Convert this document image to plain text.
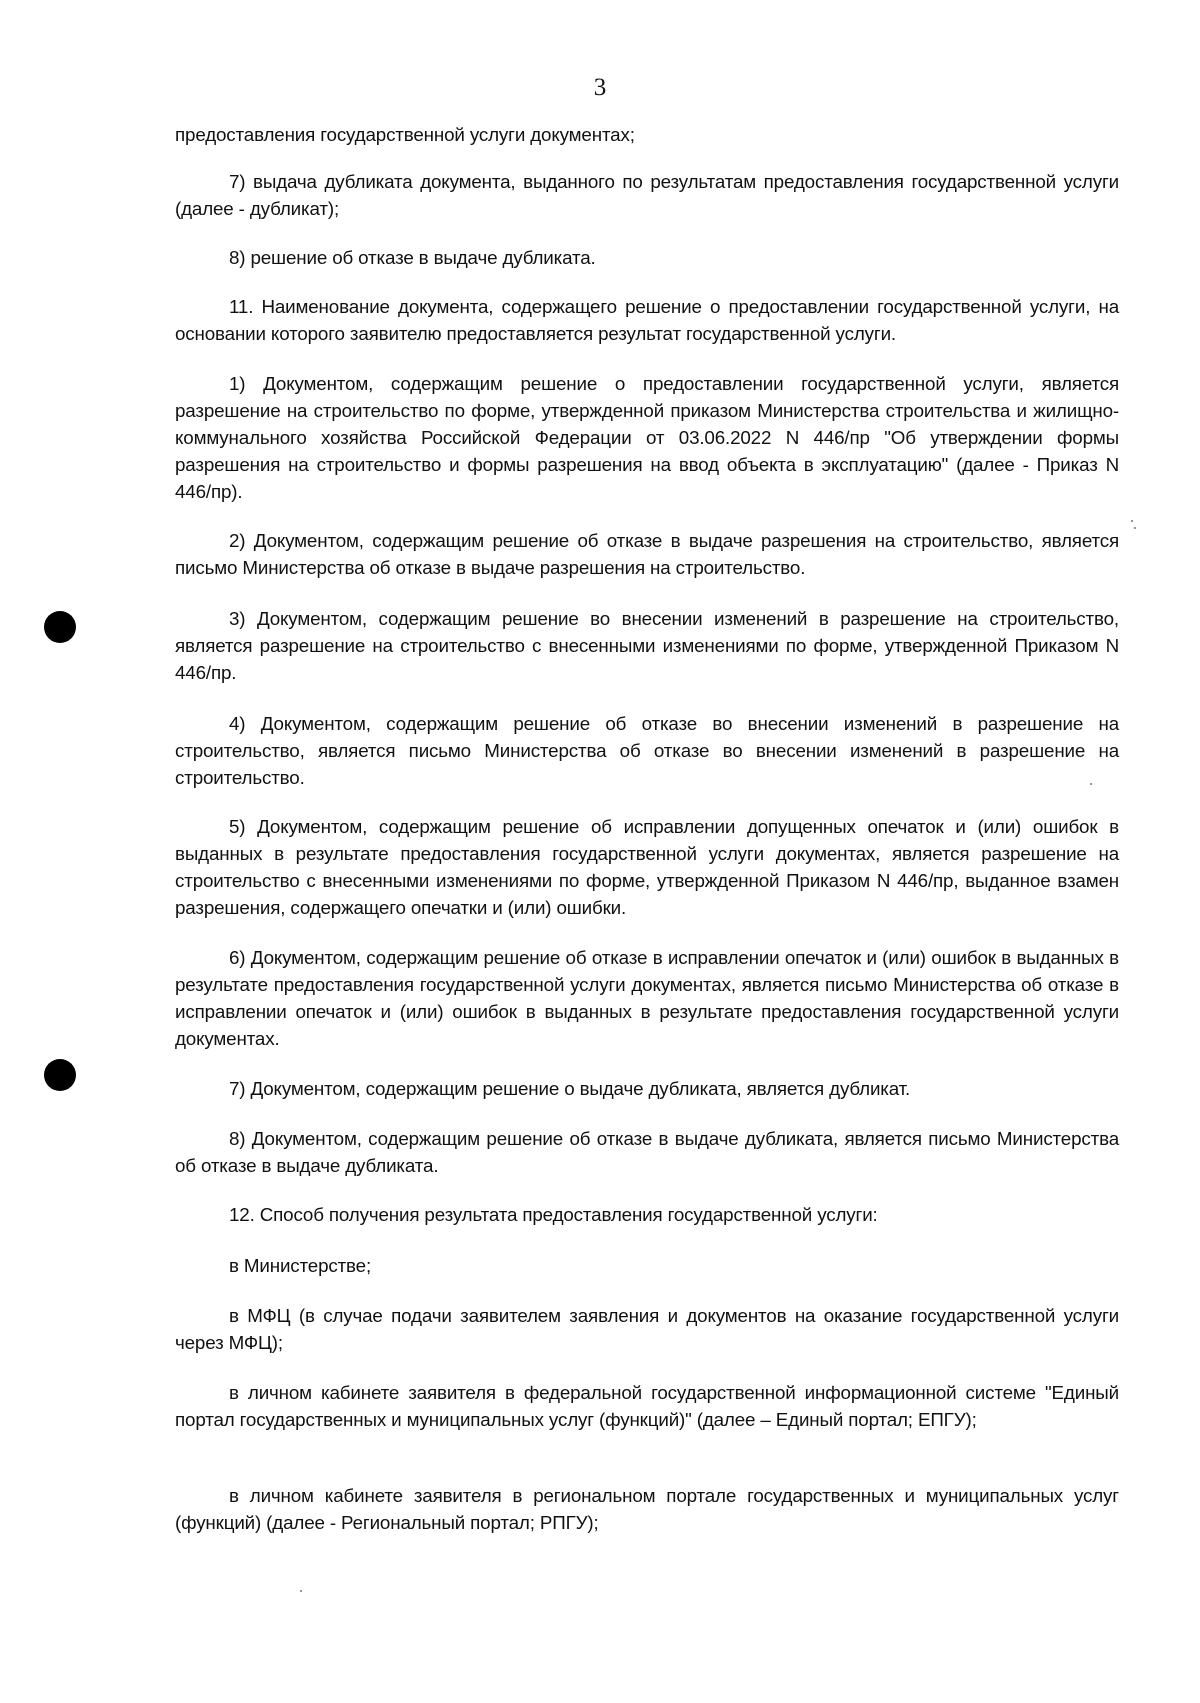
3

предоставления государственной услуги документах;

7) выдача дубликата документа, выданного по результатам предоставления государственной услуги (далее - дубликат);

8) решение об отказе в выдаче дубликата.

11. Наименование документа, содержащего решение о предоставлении государственной услуги, на основании которого заявителю предоставляется результат государственной услуги.

1) Документом, содержащим решение о предоставлении государственной услуги, является разрешение на строительство по форме, утвержденной приказом Министерства строительства и жилищно-коммунального хозяйства Российской Федерации от 03.06.2022 N 446/пр "Об утверждении формы разрешения на строительство и формы разрешения на ввод объекта в эксплуатацию" (далее - Приказ N 446/пр).

2) Документом, содержащим решение об отказе в выдаче разрешения на строительство, является письмо Министерства об отказе в выдаче разрешения на строительство.

3) Документом, содержащим решение во внесении изменений в разрешение на строительство, является разрешение на строительство с внесенными изменениями по форме, утвержденной Приказом N 446/пр.

4) Документом, содержащим решение об отказе во внесении изменений в разрешение на строительство, является письмо Министерства об отказе во внесении изменений в разрешение на строительство.

5) Документом, содержащим решение об исправлении допущенных опечаток и (или) ошибок в выданных в результате предоставления государственной услуги документах, является разрешение на строительство с внесенными изменениями по форме, утвержденной Приказом N 446/пр, выданное взамен разрешения, содержащего опечатки и (или) ошибки.

6) Документом, содержащим решение об отказе в исправлении опечаток и (или) ошибок в выданных в результате предоставления государственной услуги документах, является письмо Министерства об отказе в исправлении опечаток и (или) ошибок в выданных в результате предоставления государственной услуги документах.

7) Документом, содержащим решение о выдаче дубликата, является дубликат.

8) Документом, содержащим решение об отказе в выдаче дубликата, является письмо Министерства об отказе в выдаче дубликата.

12. Способ получения результата предоставления государственной услуги:

в Министерстве;

в МФЦ (в случае подачи заявителем заявления и документов на оказание государственной услуги через МФЦ);

в личном кабинете заявителя в федеральной государственной информационной системе "Единый портал государственных и муниципальных услуг (функций)" (далее – Единый портал; ЕПГУ);

в личном кабинете заявителя в региональном портале государственных и муниципальных услуг (функций) (далее - Региональный портал; РПГУ);
